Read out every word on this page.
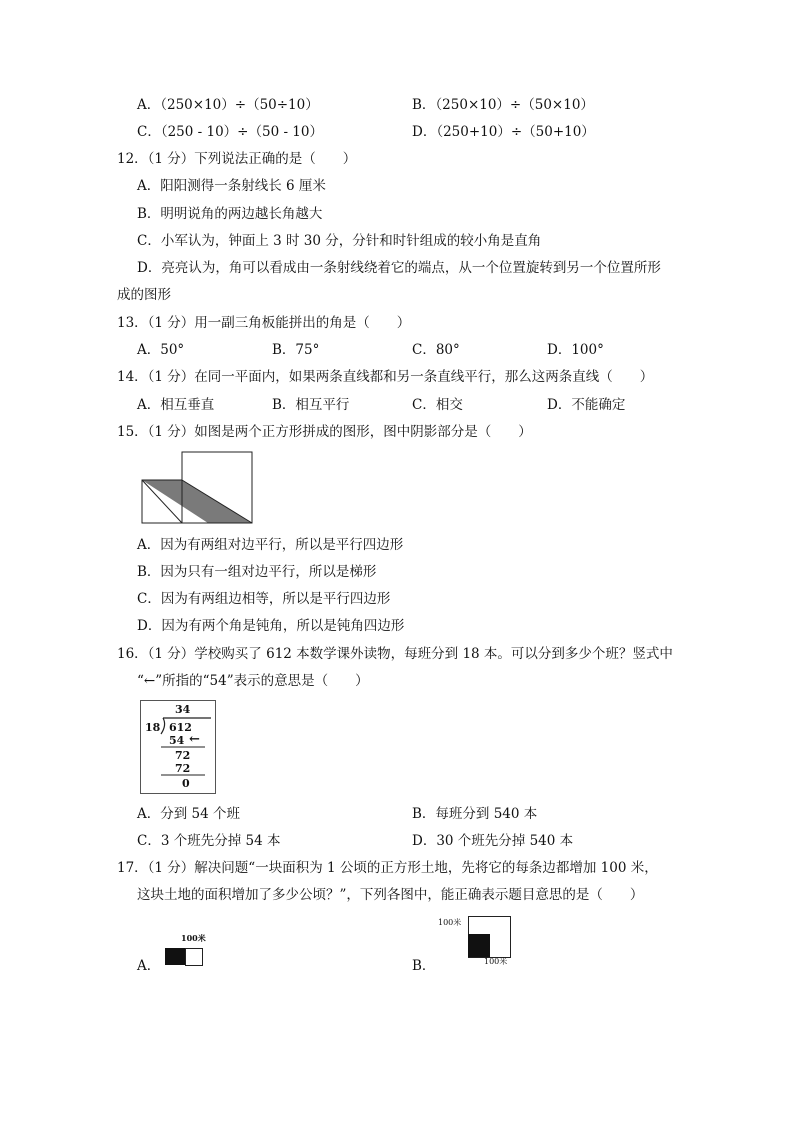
A．（250×10）÷（50÷10）	B．（250×10）÷（50×10）
C．（250 - 10）÷（50 - 10）	D．（250+10）÷（50+10）
12．（1 分）下列说法正确的是（　　）
A．阳阳测得一条射线长 6 厘米
B．明明说角的两边越长角越大
C．小军认为，钟面上 3 时 30 分，分针和时针组成的较小角是直角
D．亮亮认为，角可以看成由一条射线绕着它的端点，从一个位置旋转到另一个位置所形
成的图形
13．（1 分）用一副三角板能拼出的角是（　　）
A．50°	B．75°	C．80°	D．100°
14．（1 分）在同一平面内，如果两条直线都和另一条直线平行，那么这两条直线（　　）
A．相互垂直	B．相互平行	C．相交	D．不能确定
15．（1 分）如图是两个正方形拼成的图形，图中阴影部分是（　　）
A．因为有两组对边平行，所以是平行四边形
B．因为只有一组对边平行，所以是梯形
C．因为有两组边相等，所以是平行四边形
D．因为有两个角是钝角，所以是钝角四边形
16．（1 分）学校购买了 612 本数学课外读物，每班分到 18 本。可以分到多少个班？竖式中
“←”所指的“54”表示的意思是（　　）
34
18 612
54 ←
72
72
0
A．分到 54 个班	B．每班分到 540 本
C．3 个班先分掉 54 本	D．30 个班先分掉 540 本
17．（1 分）解决问题“一块面积为 1 公顷的正方形土地，先将它的每条边都增加 100 米，
这块土地的面积增加了多少公顷？”，下列各图中，能正确表示题目意思的是（　　）
A．
100米
B．
100米
100米
